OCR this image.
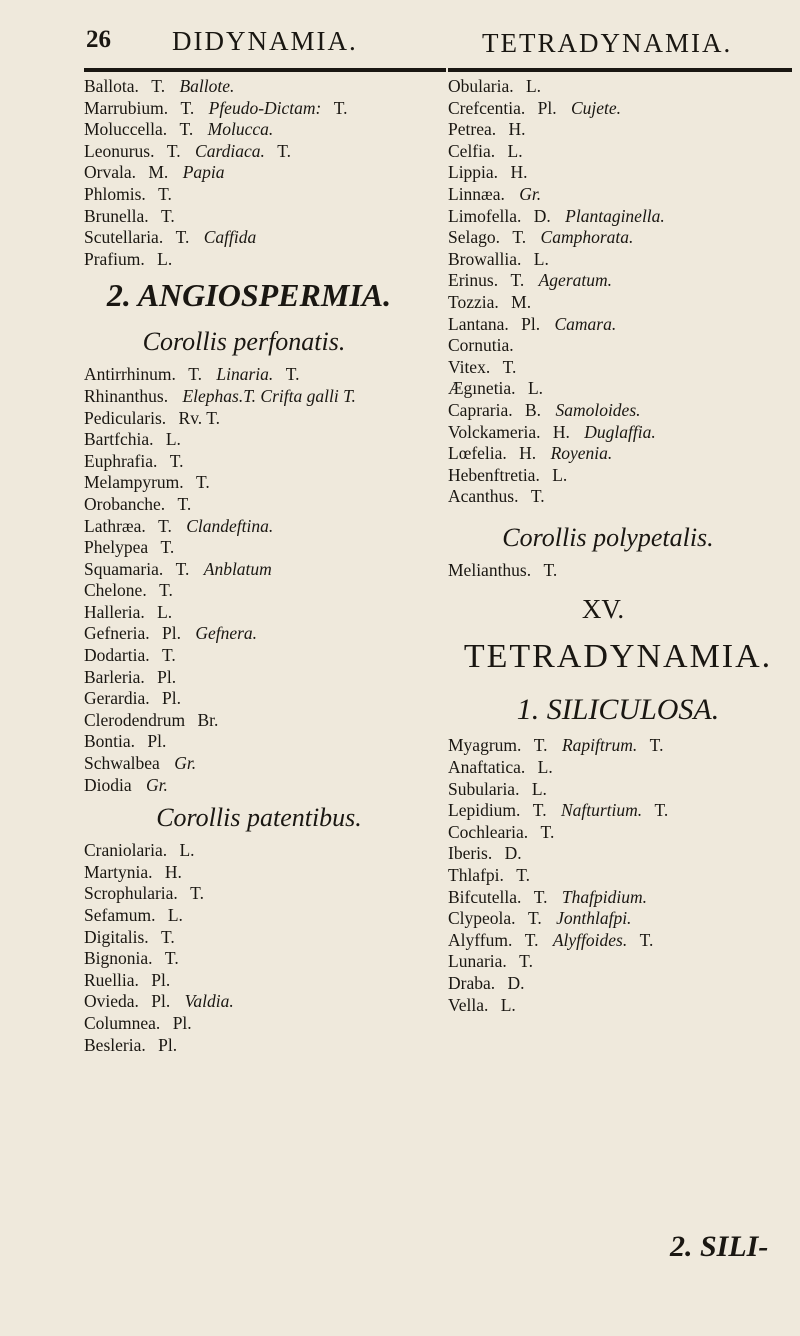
26 DIDYNAMIA.	TETRADYNAMIA.
Ballota. T. Ballote.
Marrubium. T. Pfeudo-Dictam: T.
Moluccella. T. Molucca.
Leonurus. T. Cardiaca. T.
Orvala. M. Papia
Phlomis. T.
Brunella. T.
Scutellaria. T. Caffida
Prafium. L.
2. ANGIOSPERMIA.
Corollis perfonatis.
Antirrhinum. T. Linaria. T.
Rhinanthus. Elephas.T. Crifta galli T.
Pedicularis. Rv. T.
Bartfchia. L.
Euphrafia. T.
Melampyrum. T.
Orobanche. T.
Lathræa. T. Clandeftina.
Phelypea T.
Squamaria. T. Anblatum
Chelone. T.
Halleria. L.
Gefneria. Pl. Gefnera.
Dodartia. T.
Barleria. Pl.
Gerardia. Pl.
Clerodendrum Br.
Bontia. Pl.
Schwalbea Gr.
Diodia Gr.
Corollis patentibus.
Craniolaria. L.
Martynia. H.
Scrophularia. T.
Sefamum. L.
Digitalis. T.
Bignonia. T.
Ruellia. Pl.
Ovieda. Pl. Valdia.
Columnea. Pl.
Besleria. Pl.
Obularia. L.
Crefcentia. Pl. Cujete.
Petrea. H.
Celfia. L.
Lippia. H.
Linnæa. Gr.
Limofella. D. Plantaginella.
Selago. T. Camphorata.
Browallia. L.
Erinus. T. Ageratum.
Tozzia. M.
Lantana. Pl. Camara.
Cornutia.
Vitex. T.
Ægınetia. L.
Capraria. B. Samoloides.
Volckameria. H. Duglaffia.
Lœfelia. H. Royenia.
Hebenftretia. L.
Acanthus. T.
Corollis polypetalis.
Melianthus. T.
XV.
TETRADYNAMIA.
1. SILICULOSA.
Myagrum. T. Rapiftrum. T.
Anaftatica. L.
Subularia. L.
Lepidium. T. Nafturtium. T.
Cochlearia. T.
Iberis. D.
Thlafpi. T.
Bifcutella. T. Thafpidium.
Clypeola. T. Jonthlafpi.
Alyffum. T. Alyffoides. T.
Lunaria. T.
Draba. D.
Vella. L.
2. SILI-
